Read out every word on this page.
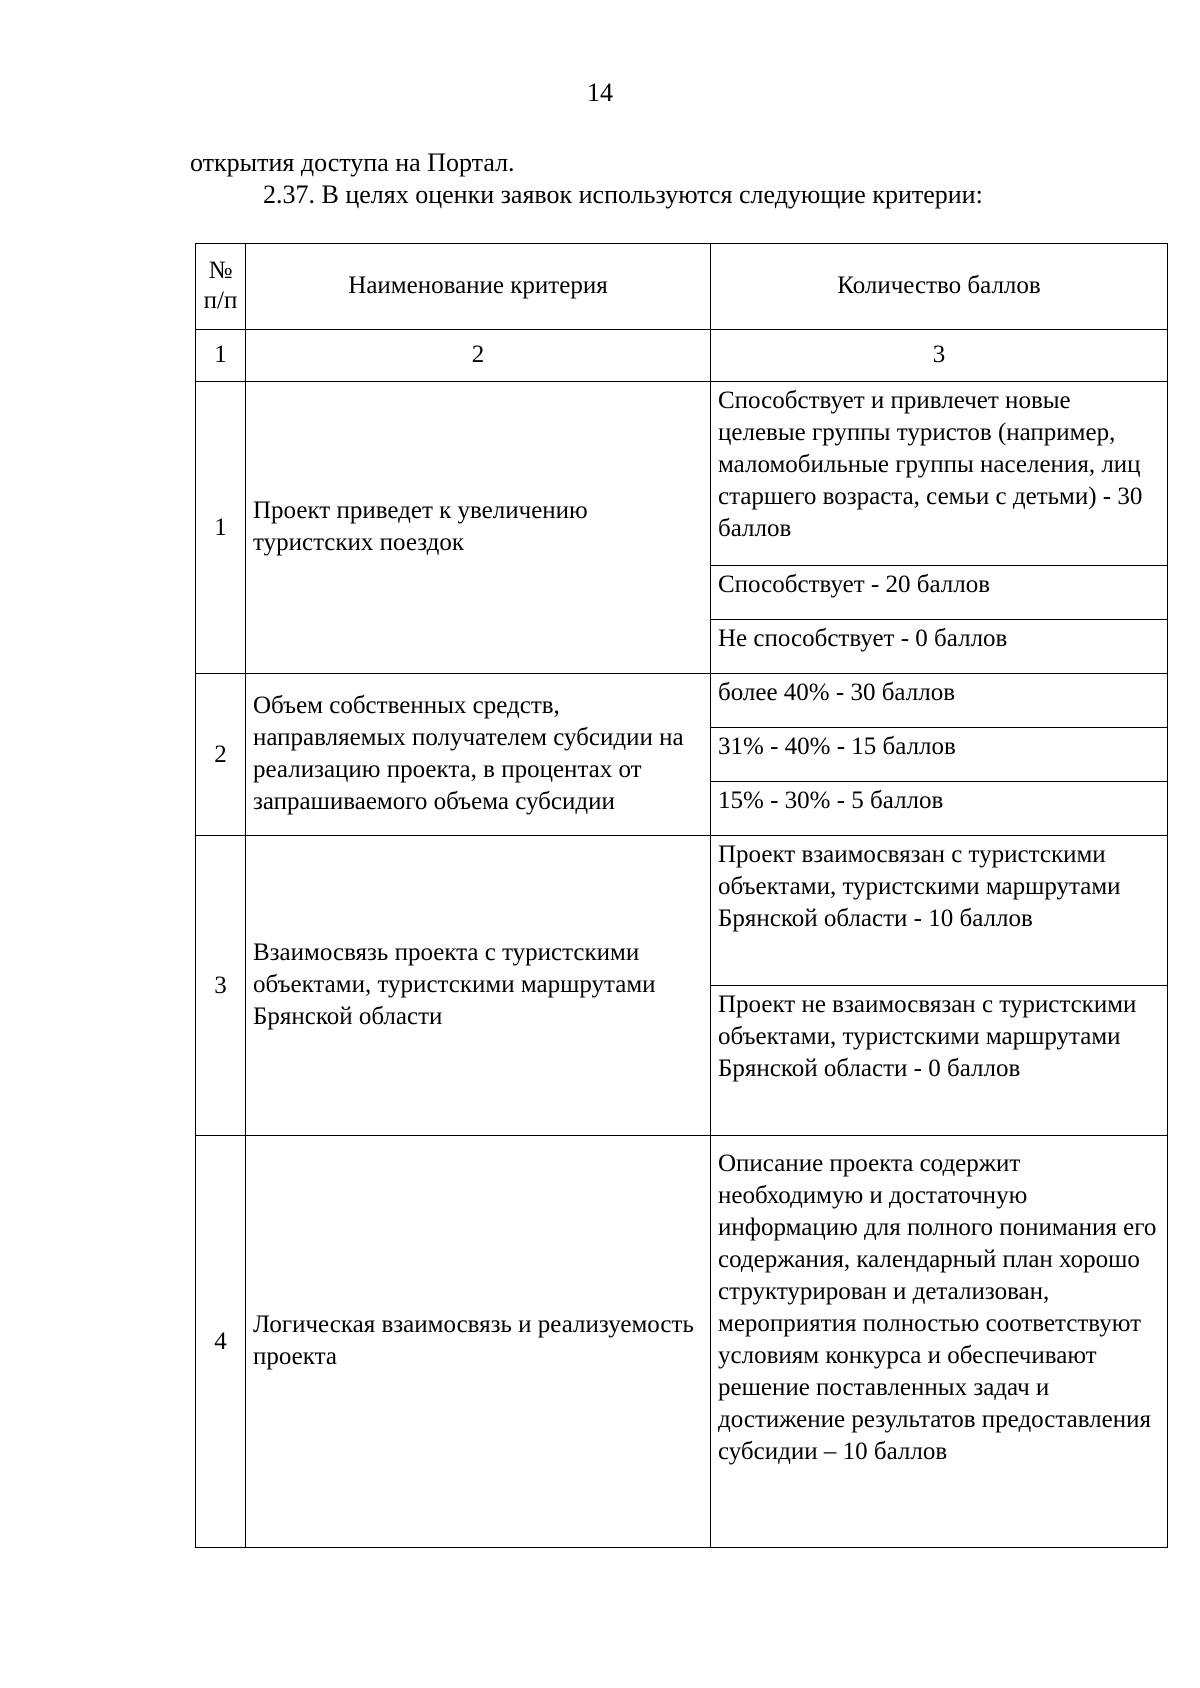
14
открытия доступа на Портал.
2.37. В целях оценки заявок используются следующие критерии:
№
п/п	Наименование критерия	Количество баллов
1	2	3
1	Проект приведет к увеличению туристских поездок	Способствует и привлечет новые целевые группы туристов (например, маломобильные группы населения, лиц старшего возраста, семьи с детьми) - 30 баллов
		Способствует - 20 баллов
		Не способствует - 0 баллов
2	Объем собственных средств, направляемых получателем субсидии на реализацию проекта, в процентах от запрашиваемого объема субсидии	более 40% - 30 баллов
		31% - 40% - 15 баллов
		15% - 30% - 5 баллов
3	Взаимосвязь проекта с туристскими объектами, туристскими маршрутами Брянской области	Проект взаимосвязан с туристскими объектами, туристскими маршрутами Брянской области - 10 баллов
		Проект не взаимосвязан с туристскими объектами, туристскими маршрутами Брянской области - 0 баллов
4	Логическая взаимосвязь и реализуемость проекта	Описание проекта содержит необходимую и достаточную информацию для полного понимания его содержания, календарный план хорошо структурирован и детализован, мероприятия полностью соответствуют условиям конкурса и обеспечивают решение поставленных задач и достижение результатов предоставления субсидии – 10 баллов
